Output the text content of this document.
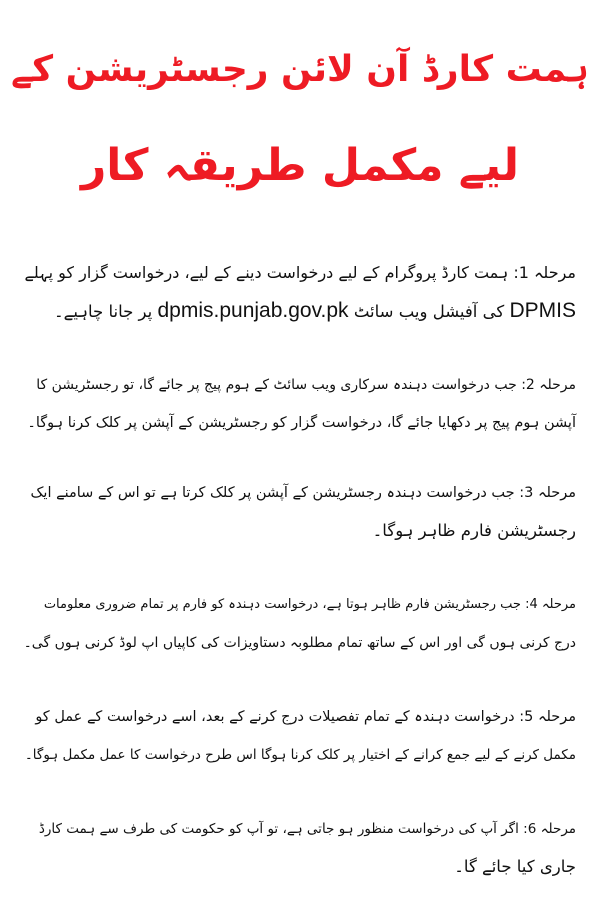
ہمت کارڈ آن لائن رجسٹریشن کے
لیے مکمل طریقہ کار
مرحلہ 1: ہمت کارڈ پروگرام کے لیے درخواست دینے کے لیے، درخواست گزار کو پہلے
DPMIS کی آفیشل ویب سائٹ dpmis.punjab.gov.pk پر جانا چاہیے۔
مرحلہ 2: جب درخواست دہندہ سرکاری ویب سائٹ کے ہوم پیج پر جائے گا، تو رجسٹریشن کا
آپشن ہوم پیج پر دکھایا جائے گا، درخواست گزار کو رجسٹریشن کے آپشن پر کلک کرنا ہوگا۔
مرحلہ 3: جب درخواست دہندہ رجسٹریشن کے آپشن پر کلک کرتا ہے تو اس کے سامنے ایک
رجسٹریشن فارم ظاہر ہوگا۔
مرحلہ 4: جب رجسٹریشن فارم ظاہر ہوتا ہے، درخواست دہندہ کو فارم پر تمام ضروری معلومات
درج کرنی ہوں گی اور اس کے ساتھ تمام مطلوبہ دستاویزات کی کاپیاں اپ لوڈ کرنی ہوں گی۔
مرحلہ 5: درخواست دہندہ کے تمام تفصیلات درج کرنے کے بعد، اسے درخواست کے عمل کو
مکمل کرنے کے لیے جمع کرانے کے اختیار پر کلک کرنا ہوگا اس طرح درخواست کا عمل مکمل ہوگا۔
مرحلہ 6: اگر آپ کی درخواست منظور ہو جاتی ہے، تو آپ کو حکومت کی طرف سے ہمت کارڈ
جاری کیا جائے گا۔
